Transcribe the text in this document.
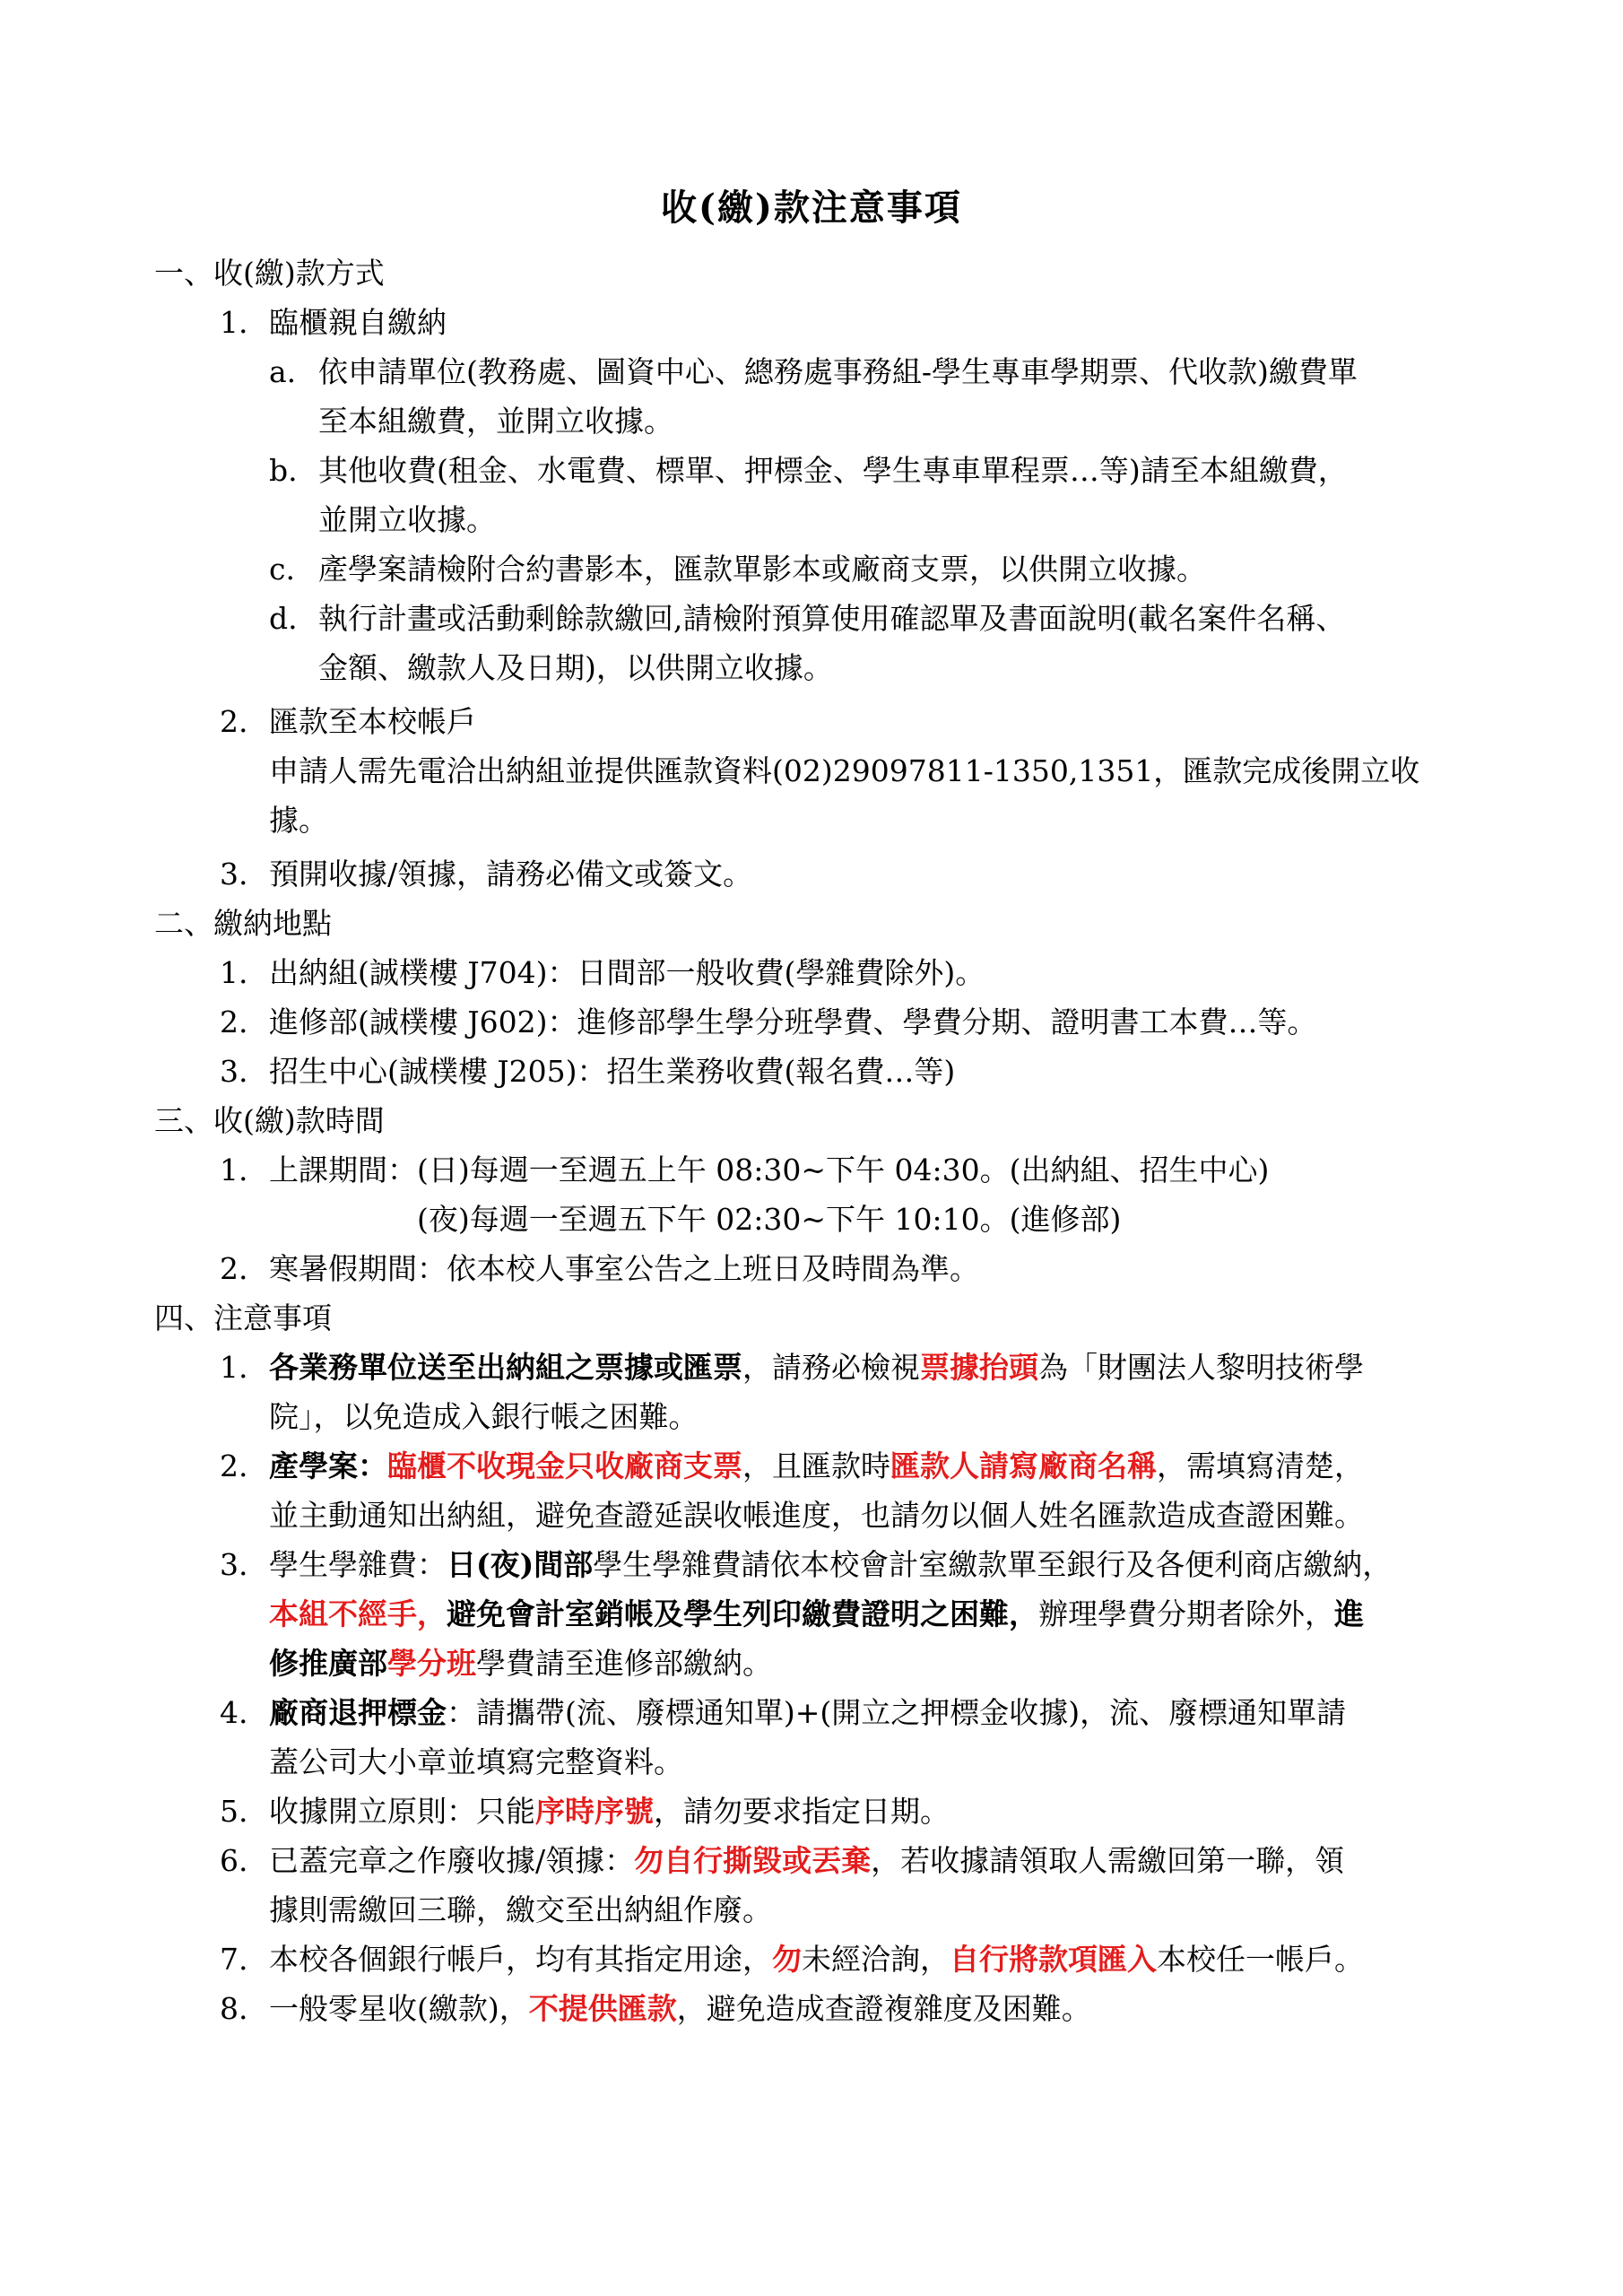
收(繳)款注意事項
一、收(繳)款方式
1. 臨櫃親自繳納
a. 依申請單位(教務處、圖資中心、總務處事務組-學生專車學期票、代收款)繳費單
至本組繳費，並開立收據。
b. 其他收費(租金、水電費、標單、押標金、學生專車單程票…等)請至本組繳費，
並開立收據。
c. 產學案請檢附合約書影本，匯款單影本或廠商支票，以供開立收據。
d. 執行計畫或活動剩餘款繳回,請檢附預算使用確認單及書面說明(載名案件名稱、
金額、繳款人及日期)，以供開立收據。
2. 匯款至本校帳戶
申請人需先電洽出納組並提供匯款資料(02)29097811-1350,1351，匯款完成後開立收
據。
3. 預開收據/領據，請務必備文或簽文。
二、繳納地點
1. 出納組(誠樸樓 J704)：日間部一般收費(學雜費除外)。
2. 進修部(誠樸樓 J602)：進修部學生學分班學費、學費分期、證明書工本費…等。
3. 招生中心(誠樸樓 J205)：招生業務收費(報名費…等)
三、收(繳)款時間
1. 上課期間：(日)每週一至週五上午 08:30~下午 04:30。(出納組、招生中心)
(夜)每週一至週五下午 02:30~下午 10:10。(進修部)
2. 寒暑假期間：依本校人事室公告之上班日及時間為準。
四、注意事項
1. 各業務單位送至出納組之票據或匯票，請務必檢視票據抬頭為「財團法人黎明技術學
院」，以免造成入銀行帳之困難。
2. 產學案：臨櫃不收現金只收廠商支票，且匯款時匯款人請寫廠商名稱，需填寫清楚，
並主動通知出納組，避免查證延誤收帳進度，也請勿以個人姓名匯款造成查證困難。
3. 學生學雜費：日(夜)間部學生學雜費請依本校會計室繳款單至銀行及各便利商店繳納，
本組不經手，避免會計室銷帳及學生列印繳費證明之困難，辦理學費分期者除外，進
修推廣部學分班學費請至進修部繳納。
4. 廠商退押標金：請攜帶(流、廢標通知單)+(開立之押標金收據)，流、廢標通知單請
蓋公司大小章並填寫完整資料。
5. 收據開立原則：只能序時序號，請勿要求指定日期。
6. 已蓋完章之作廢收據/領據：勿自行撕毀或丟棄，若收據請領取人需繳回第一聯，領
據則需繳回三聯，繳交至出納組作廢。
7. 本校各個銀行帳戶，均有其指定用途，勿未經洽詢，自行將款項匯入本校任一帳戶。
8. 一般零星收(繳款)，不提供匯款，避免造成查證複雜度及困難。
